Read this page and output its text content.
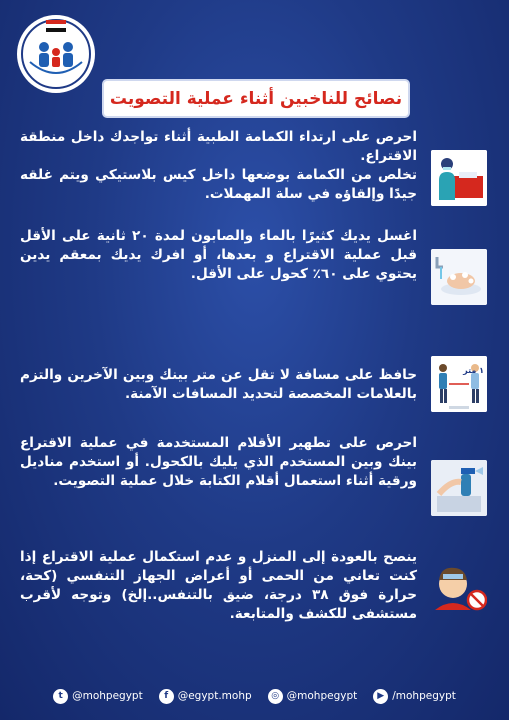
نصائح للناخبين أثناء عملية التصويت
احرص على ارتداء الكمامة الطبية أثناء تواجدك داخل منطقة الاقتراع.
تخلص من الكمامة بوضعها داخل كيس بلاستيكي ويتم غلقه جيدًا وإلقاؤه في سلة المهملات.
اغسل يديك كثيرًا بالماء والصابون لمدة ٢٠ ثانية على الأقل قبل عملية الاقتراع و بعدها، أو افرك يديك بمعقم يدين يحتوي على ٦٠٪ كحول على الأقل.
حافظ على مسافة لا تقل عن متر بينك وبين الآخرين والتزم بالعلامات المخصصة لتحديد المسافات الآمنة.
احرص على تطهير الأقلام المستخدمة في عملية الاقتراع بينك وبين المستخدم الذي يليك بالكحول. أو استخدم مناديل ورقية أثناء استعمال أقلام الكتابة خلال عملية التصويت.
ينصح بالعودة إلى المنزل و عدم استكمال عملية الاقتراع إذا كنت تعاني من الحمى أو أعراض الجهاز التنفسي (كحة، حرارة فوق ٣٨ درجة، ضيق بالتنفس..إلخ) وتوجه لأقرب مستشفى للكشف والمتابعة.
١ متر
t @mohpegypt	f @egypt.mohp	◎ @mohpegypt	▶ /mohpegypt
